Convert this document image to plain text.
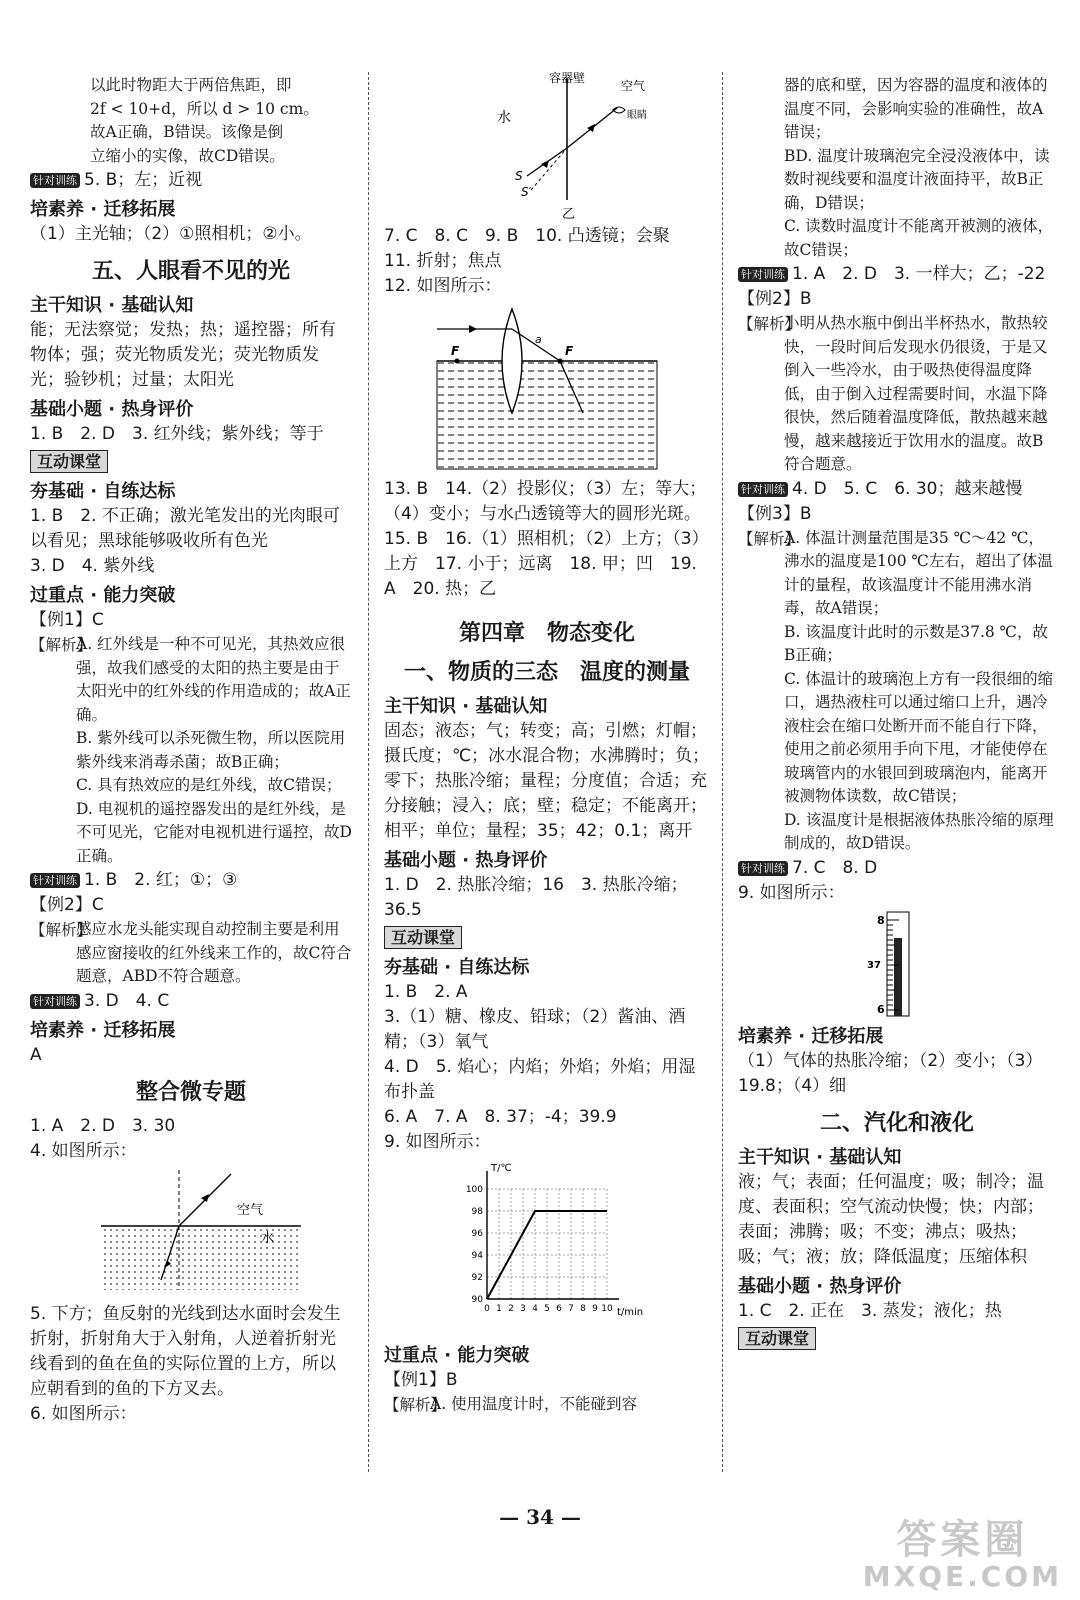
以此时物距大于两倍焦距，即

2f < 10+d，所以 d > 10 cm。

故A正确，B错误。该像是倒

立缩小的实像，故CD错误。

针对训练 5. B；左；近视

培素养 · 迁移拓展

（1）主光轴；（2）①照相机；②小。

五、人眼看不见的光

主干知识 · 基础认知

能；无法察觉；发热；热；遥控器；所有物体；强；荧光物质发光；荧光物质发光；验钞机；过量；太阳光

基础小题 · 热身评价

1. B　2. D　3. 红外线；紫外线；等于

互动课堂

夯基础 · 自练达标

1. B　2. 不正确；激光笔发出的光肉眼可以看见；黑球能够吸收所有色光

3. D　4. 紫外线

过重点 · 能力突破

【例1】C

【解析】

A. 红外线是一种不可见光，其热效应很强，故我们感受的太阳的热主要是由于太阳光中的红外线的作用造成的；故A正确。

B. 紫外线可以杀死微生物，所以医院用紫外线来消毒杀菌；故B正确；

C. 具有热效应的是红外线，故C错误；

D. 电视机的遥控器发出的是红外线，是不可见光，它能对电视机进行遥控，故D正确。

针对训练 1. B　2. 红；①；③

【例2】C

【解析】

感应水龙头能实现自动控制主要是利用感应窗接收的红外线来工作的，故C符合题意，ABD不符合题意。

针对训练 3. D　4. C

培素养 · 迁移拓展

A

整合微专题

1. A　2. D　3. 30

4. 如图所示：

空气
水

5. 下方；鱼反射的光线到达水面时会发生折射，折射角大于入射角，人逆着折射光线看到的鱼在鱼的实际位置的上方，所以应朝看到的鱼的下方叉去。

6. 如图所示：

容器壁
空气
眼睛
水
S
S′
乙

7. C　8. C　9. B　10. 凸透镜；会聚

11. 折射；焦点

12. 如图所示：

F	F
a

13. B　14.（2）投影仪；（3）左；等大；（4）变小；与水凸透镜等大的圆形光斑。　15. B　16.（1）照相机；（2）上方；（3）上方　17. 小于；远离　18. 甲；凹　19. A　20. 热；乙

第四章　物态变化

一、物质的三态　温度的测量

主干知识 · 基础认知

固态；液态；气；转变；高；引燃；灯帽；摄氏度；℃；冰水混合物；水沸腾时；负；零下；热胀冷缩；量程；分度值；合适；充分接触；浸入；底；壁；稳定；不能离开；相平；单位；量程；35；42；0.1；离开

基础小题 · 热身评价

1. D　2. 热胀冷缩；16　3. 热胀冷缩；36.5

互动课堂

夯基础 · 自练达标

1. B　2. A

3.（1）糖、橡皮、铅球；（2）酱油、酒精；（3）氧气

4. D　5. 焰心；内焰；外焰；外焰；用湿布扑盖

6. A　7. A　8. 37；-4；39.9

9. 如图所示：

T/℃
t/min
90
92
94
96
98
100
0 1 2 3 4 5 6 7 8 9 10

过重点 · 能力突破

【例1】B

【解析】

A. 使用温度计时，不能碰到容

器的底和壁，因为容器的温度和液体的温度不同，会影响实验的准确性，故A错误；

BD. 温度计玻璃泡完全浸没液体中，读数时视线要和温度计液面持平，故B正确，D错误；

C. 读数时温度计不能离开被测的液体，故C错误；

针对训练 1. A　2. D　3. 一样大；乙；-22

【例2】B

【解析】

小明从热水瓶中倒出半杯热水，散热较快，一段时间后发现水仍很烫，于是又倒入一些冷水，由于吸热使得温度降低，由于倒入过程需要时间，水温下降很快，然后随着温度降低，散热越来越慢，越来越接近于饮用水的温度。故B符合题意。

针对训练 4. D　5. C　6. 30；越来越慢

【例3】B

【解析】

A. 体温计测量范围是35 ℃～42 ℃，沸水的温度是100 ℃左右，超出了体温计的量程，故该温度计不能用沸水消毒，故A错误；

B. 该温度计此时的示数是37.8 ℃，故B正确；

C. 体温计的玻璃泡上方有一段很细的缩口，遇热液柱可以通过缩口上升，遇冷液柱会在缩口处断开而不能自行下降，使用之前必须用手向下甩，才能使停在玻璃管内的水银回到玻璃泡内，能离开被测物体读数，故C错误；

D. 该温度计是根据液体热胀冷缩的原理制成的，故D错误。

针对训练 7. C　8. D

9. 如图所示：

8
37
6

培素养 · 迁移拓展

（1）气体的热胀冷缩；（2）变小；（3）19.8；（4）细

二、汽化和液化

主干知识 · 基础认知

液；气；表面；任何温度；吸；制冷；温度、表面积；空气流动快慢；快；内部；表面；沸腾；吸；不变；沸点；吸热；吸；气；液；放；降低温度；压缩体积

基础小题 · 热身评价

1. C　2. 正在　3. 蒸发；液化；热

互动课堂
— 34 —	答案圈
MXQE.COM
